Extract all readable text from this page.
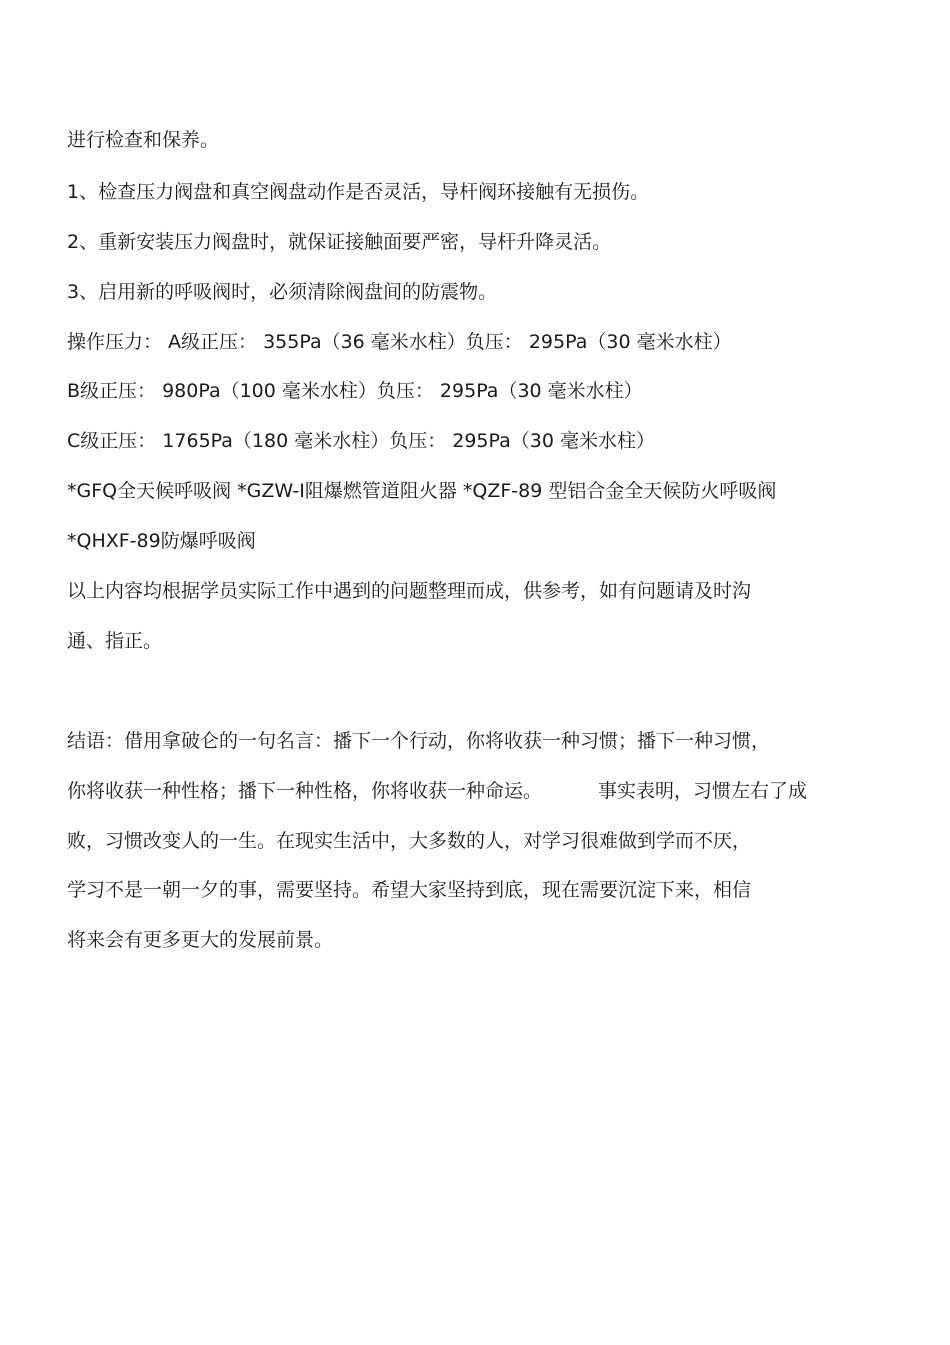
进行检查和保养。
1、检查压力阀盘和真空阀盘动作是否灵活，导杆阀环接触有无损伤。
2、重新安装压力阀盘时，就保证接触面要严密，导杆升降灵活。
3、启用新的呼吸阀时，必须清除阀盘间的防震物。
操作压力： A级正压： 355Pa（36 毫米水柱）负压： 295Pa（30 毫米水柱）
B级正压： 980Pa（100 毫米水柱）负压： 295Pa（30 毫米水柱）
C级正压： 1765Pa（180 毫米水柱）负压： 295Pa（30 毫米水柱）
*GFQ全天候呼吸阀 *GZW-I阻爆燃管道阻火器 *QZF-89 型铝合金全天候防火呼吸阀
*QHXF-89防爆呼吸阀
以上内容均根据学员实际工作中遇到的问题整理而成，供参考，如有问题请及时沟
通、指正。
结语：借用拿破仑的一句名言：播下一个行动，你将收获一种习惯；播下一种习惯，
你将收获一种性格；播下一种性格，你将收获一种命运。	事实表明，习惯左右了成
败，习惯改变人的一生。在现实生活中，大多数的人，对学习很难做到学而不厌，
学习不是一朝一夕的事，需要坚持。希望大家坚持到底，现在需要沉淀下来，相信
将来会有更多更大的发展前景。
